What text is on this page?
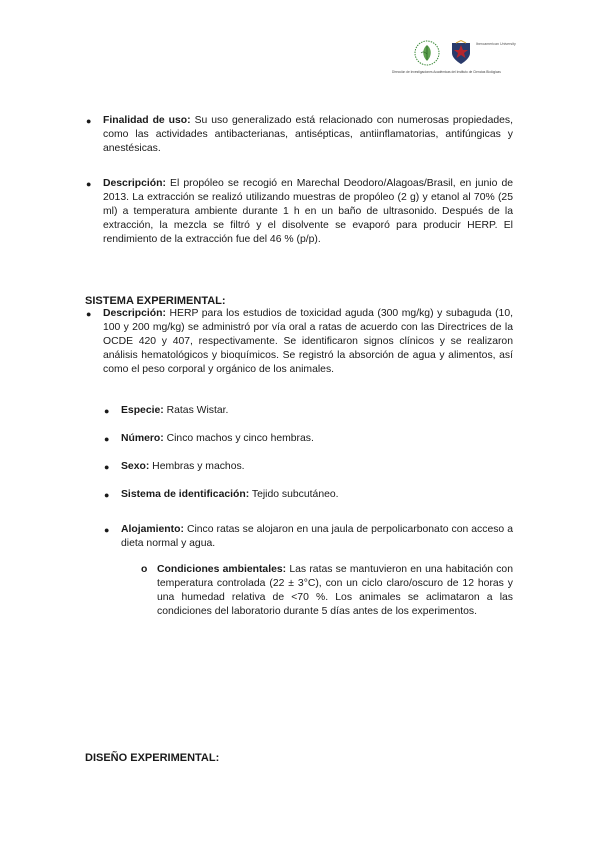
Iberoamerican University
Dirección de Investigaciones Académicas del Instituto de Ciencias Biológicas
● Finalidad de uso: Su uso generalizado está relacionado con numerosas propiedades, como las actividades antibacterianas, antisépticas, antiinflamatorias, antifúngicas y anestésicas.
● Descripción: El propóleo se recogió en Marechal Deodoro/Alagoas/Brasil, en junio de 2013. La extracción se realizó utilizando muestras de propóleo (2 g) y etanol al 70% (25 ml) a temperatura ambiente durante 1 h en un baño de ultrasonido. Después de la extracción, la mezcla se filtró y el disolvente se evaporó para producir HERP. El rendimiento de la extracción fue del 46 % (p/p).
SISTEMA EXPERIMENTAL:
● Descripción: HERP para los estudios de toxicidad aguda (300 mg/kg) y subaguda (10, 100 y 200 mg/kg) se administró por vía oral a ratas de acuerdo con las Directrices de la OCDE 420 y 407, respectivamente. Se identificaron signos clínicos y se realizaron análisis hematológicos y bioquímicos. Se registró la absorción de agua y alimentos, así como el peso corporal y orgánico de los animales.
● Especie: Ratas Wistar.
● Número: Cinco machos y cinco hembras.
● Sexo: Hembras y machos.
● Sistema de identificación: Tejido subcutáneo.
● Alojamiento: Cinco ratas se alojaron en una jaula de perpolicarbonato con acceso a dieta normal y agua.
o Condiciones ambientales: Las ratas se mantuvieron en una habitación con temperatura controlada (22 ± 3°C), con un ciclo claro/oscuro de 12 horas y una humedad relativa de <70 %. Los animales se aclimataron a las condiciones del laboratorio durante 5 días antes de los experimentos.
DISEÑO EXPERIMENTAL:
